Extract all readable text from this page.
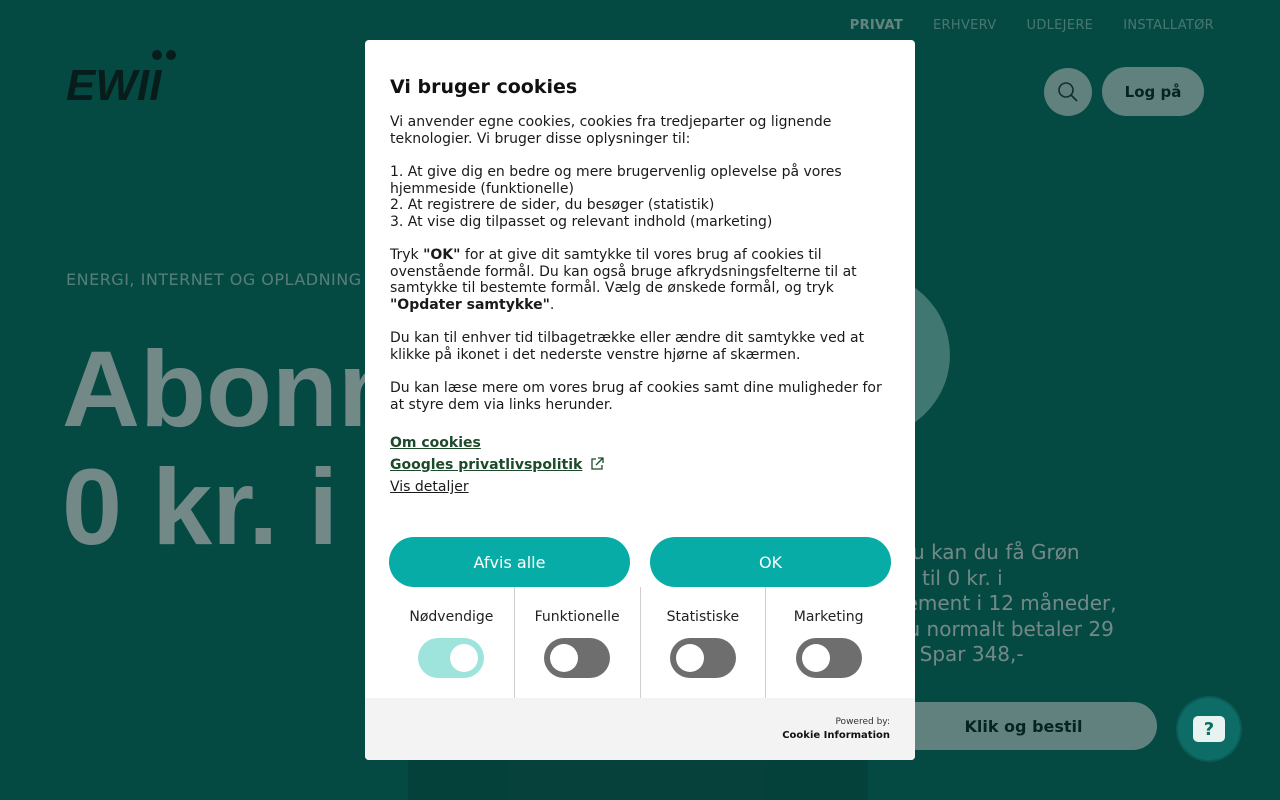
?
Vi bruger cookies

Vi anvender egne cookies, cookies fra tredjeparter og lignende teknologier. Vi bruger disse oplysninger til:

1. At give dig en bedre og mere brugervenlig oplevelse på vores hjemmeside (funktionelle)
2. At registrere de sider, du besøger (statistik)
3. At vise dig tilpasset og relevant indhold (marketing)

Tryk "OK" for at give dit samtykke til vores brug af cookies til ovenstående formål. Du kan også bruge afkrydsningsfelterne til at samtykke til bestemte formål. Vælg de ønskede formål, og tryk "Opdater samtykke".

Du kan til enhver tid tilbagetrække eller ændre dit samtykke ved at klikke på ikonet i det nederste venstre hjørne af skærmen.

Du kan læse mere om vores brug af cookies samt dine muligheder for at styre dem via links herunder.

Om cookies
Googles privatlivspolitik
Vis detaljer
Afvis alle	OK
Nødvendige	Funktionelle	Statistiske	Marketing
Powered by:
Cookie Information
